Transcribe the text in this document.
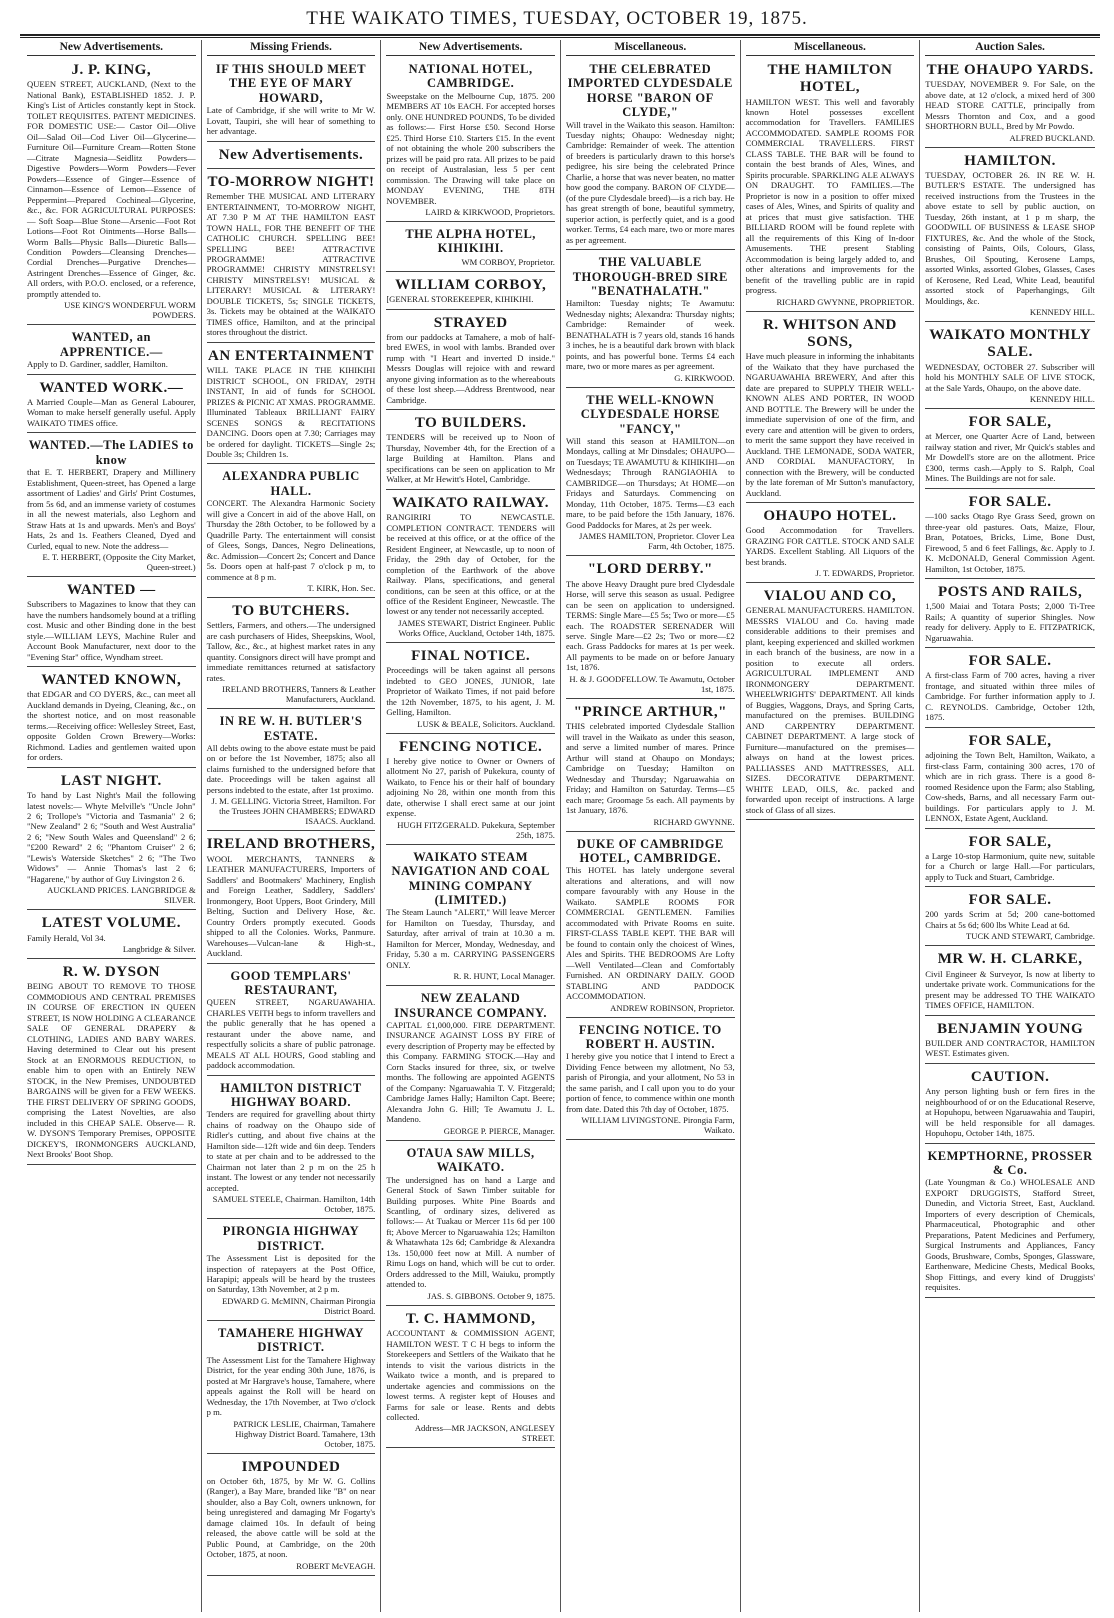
THE WAIKATO TIMES, TUESDAY, OCTOBER 19, 1875.
New Advertisements.
J. P. KING,

QUEEN STREET, AUCKLAND, (Next to the National Bank), ESTABLISHED 1852. J. P. King's List of Articles constantly kept in Stock. TOILET REQUISITES. PATENT MEDICINES. FOR DOMESTIC USE:— Castor Oil—Olive Oil—Salad Oil—Cod Liver Oil—Glycerine—Furniture Oil—Furniture Cream—Rotten Stone—Citrate Magnesia—Seidlitz Powders—Digestive Powders—Worm Powders—Fever Powders—Essence of Ginger—Essence of Cinnamon—Essence of Lemon—Essence of Peppermint—Prepared Cochineal—Glycerine, &c., &c. FOR AGRICULTURAL PURPOSES:— Soft Soap—Blue Stone—Arsenic—Foot Rot Lotions—Foot Rot Ointments—Horse Balls—Worm Balls—Physic Balls—Diuretic Balls—Condition Powders—Cleansing Drenches—Cordial Drenches—Purgative Drenches—Astringent Drenches—Essence of Ginger, &c. All orders, with P.O.O. enclosed, or a reference, promptly attended to.

USE KING'S WONDERFUL WORM POWDERS.
WANTED, an APPRENTICE.—

Apply to D. Gardiner, saddler, Hamilton.

WANTED WORK.—

A Married Couple—Man as General Labourer, Woman to make herself generally useful. Apply WAIKATO TIMES office.

WANTED.—The LADIES to know

that E. T. HERBERT, Drapery and Millinery Establishment, Queen-street, has Opened a large assortment of Ladies' and Girls' Print Costumes, from 5s 6d, and an immense variety of costumes in all the newest materials, also Leghorn and Straw Hats at 1s and upwards. Men's and Boys' Hats, 2s and 1s. Feathers Cleaned, Dyed and Curled, equal to new. Note the address—

E. T. HERBERT, (Opposite the City Market, Queen-street.)
WANTED —

Subscribers to Magazines to know that they can have the numbers handsomely bound at a trifling cost. Music and other Binding done in the best style.—WILLIAM LEYS, Machine Ruler and Account Book Manufacturer, next door to the "Evening Star" office, Wyndham street.

WANTED KNOWN,

that EDGAR and CO DYERS, &c., can meet all Auckland demands in Dyeing, Cleaning, &c., on the shortest notice, and on most reasonable terms.—Receiving office: Wellesley Street, East, opposite Golden Crown Brewery—Works: Richmond. Ladies and gentlemen waited upon for orders.

LAST NIGHT.

To hand by Last Night's Mail the following latest novels:— Whyte Melville's "Uncle John" 2 6; Trollope's "Victoria and Tasmania" 2 6; "New Zealand" 2 6; "South and West Australia" 2 6; "New South Wales and Queensland" 2 6; "£200 Reward" 2 6; "Phantom Cruiser" 2 6; "Lewis's Waterside Sketches" 2 6; "The Two Widows" — Annie Thomas's last 2 6; "Hagarene," by author of Guy Livingston 2 6.

AUCKLAND PRICES. LANGBRIDGE & SILVER.
LATEST VOLUME.

Family Herald, Vol 34.

Langbridge & Silver.
R. W. DYSON

BEING ABOUT TO REMOVE TO THOSE COMMODIOUS AND CENTRAL PREMISES IN COURSE OF ERECTION IN QUEEN STREET, IS NOW HOLDING A CLEARANCE SALE OF GENERAL DRAPERY & CLOTHING, LADIES AND BABY WARES. Having determined to Clear out his present Stock at an ENORMOUS REDUCTION, to enable him to open with an Entirely NEW STOCK, in the New Premises, UNDOUBTED BARGAINS will be given for a FEW WEEKS. THE FIRST DELIVERY OF SPRING GOODS, comprising the Latest Novelties, are also included in this CHEAP SALE. Observe— R. W. DYSON'S Temporary Premises, OPPOSITE DICKEY'S, IRONMONGERS AUCKLAND, Next Brooks' Boot Shop.

Missing Friends.
IF THIS SHOULD MEET THE EYE OF MARY HOWARD,

Late of Cambridge, if she will write to Mr W. Lovatt, Taupiri, she will hear of something to her advantage.

New Advertisements.
TO-MORROW NIGHT!

Remember THE MUSICAL AND LITERARY ENTERTAINMENT, TO-MORROW NIGHT, AT 7.30 P M AT THE HAMILTON EAST TOWN HALL, FOR THE BENEFIT OF THE CATHOLIC CHURCH. SPELLING BEE! SPELLING BEE! ATTRACTIVE PROGRAMME! ATTRACTIVE PROGRAMME! CHRISTY MINSTRELSY! CHRISTY MINSTRELSY! MUSICAL & LITERARY! MUSICAL & LITERARY! DOUBLE TICKETS, 5s; SINGLE TICKETS, 3s. Tickets may be obtained at the WAIKATO TIMES office, Hamilton, and at the principal stores throughout the district.

AN ENTERTAINMENT

WILL TAKE PLACE IN THE KIHIKIHI DISTRICT SCHOOL, ON FRIDAY, 29TH INSTANT, In aid of funds for SCHOOL PRIZES & PICNIC AT XMAS. PROGRAMME. Illuminated Tableaux BRILLIANT FAIRY SCENES SONGS & RECITATIONS DANCING. Doors open at 7.30; Carriages may be ordered for daylight. TICKETS—Single 2s; Double 3s; Children 1s.

ALEXANDRA PUBLIC HALL.

CONCERT. The Alexandra Harmonic Society will give a Concert in aid of the above Hall, on Thursday the 28th October, to be followed by a Quadrille Party. The entertainment will consist of Glees, Songs, Dances, Negro Delineations, &c. Admission—Concert 2s; Concert and Dance 5s. Doors open at half-past 7 o'clock p m, to commence at 8 p m.

T. KIRK, Hon. Sec.
TO BUTCHERS.

Settlers, Farmers, and others.—The undersigned are cash purchasers of Hides, Sheepskins, Wool, Tallow, &c., &c., at highest market rates in any quantity. Consignors direct will have prompt and immediate remittances returned at satisfactory rates.

IRELAND BROTHERS, Tanners & Leather Manufacturers, Auckland.
IN RE W. H. BUTLER'S ESTATE.

All debts owing to the above estate must be paid on or before the 1st November, 1875; also all claims furnished to the undersigned before that date. Proceedings will be taken against all persons indebted to the estate, after 1st proximo.

J. M. GELLING. Victoria Street, Hamilton. For the Trustees JOHN CHAMBERS; EDWARD ISAACS. Auckland.
IRELAND BROTHERS,

WOOL MERCHANTS, TANNERS & LEATHER MANUFACTURERS, Importers of Saddlers' and Bootmakers' Machinery, English and Foreign Leather, Saddlery, Saddlers' Ironmongery, Boot Uppers, Boot Grindery, Mill Belting, Suction and Delivery Hose, &c. Country Orders promptly executed. Goods shipped to all the Colonies. Works, Panmure. Warehouses—Vulcan-lane & High-st., Auckland.

GOOD TEMPLARS' RESTAURANT,

QUEEN STREET, NGARUAWAHIA. CHARLES VEITH begs to inform travellers and the public generally that he has opened a restaurant under the above name, and respectfully solicits a share of public patronage. MEALS AT ALL HOURS, Good stabling and paddock accommodation.

HAMILTON DISTRICT HIGHWAY BOARD.

Tenders are required for gravelling about thirty chains of roadway on the Ohaupo side of Ridler's cutting, and about five chains at the Hamilton side—12ft wide and 6in deep. Tenders to state at per chain and to be addressed to the Chairman not later than 2 p m on the 25 h instant. The lowest or any tender not necessarily accepted.

SAMUEL STEELE, Chairman. Hamilton, 14th October, 1875.
PIRONGIA HIGHWAY DISTRICT.

The Assessment List is deposited for the inspection of ratepayers at the Post Office, Harapipi; appeals will be heard by the trustees on Saturday, 13th November, at 2 p m.

EDWARD G. McMINN, Chairman Pirongia District Board.
TAMAHERE HIGHWAY DISTRICT.

The Assessment List for the Tamahere Highway District, for the year ending 30th June, 1876, is posted at Mr Hargrave's house, Tamahere, where appeals against the Roll will be heard on Wednesday, the 17th November, at Two o'clock p m.

PATRICK LESLIE, Chairman, Tamahere Highway District Board. Tamahere, 13th October, 1875.
IMPOUNDED

on October 6th, 1875, by Mr W. G. Collins (Ranger), a Bay Mare, branded like "B" on near shoulder, also a Bay Colt, owners unknown, for being unregistered and damaging Mr Fogarty's damage claimed 10s. In default of being released, the above cattle will be sold at the Public Pound, at Cambridge, on the 20th October, 1875, at noon.

ROBERT McVEAGH.
New Advertisements.
NATIONAL HOTEL, CAMBRIDGE.

Sweepstake on the Melbourne Cup, 1875. 200 MEMBERS AT 10s EACH. For accepted horses only. ONE HUNDRED POUNDS, To be divided as follows:— First Horse £50. Second Horse £25. Third Horse £10. Starters £15. In the event of not obtaining the whole 200 subscribers the prizes will be paid pro rata. All prizes to be paid on receipt of Australasian, less 5 per cent commission. The Drawing will take place on MONDAY EVENING, THE 8TH NOVEMBER.

LAIRD & KIRKWOOD, Proprietors.
THE ALPHA HOTEL, KIHIKIHI.
WM CORBOY, Proprietor.
WILLIAM CORBOY,

[GENERAL STOREKEEPER, KIHIKIHI.

STRAYED

from our paddocks at Tamahere, a mob of half-bred EWES, in wool with lambs. Branded over rump with "I Heart and inverted D inside." Messrs Douglas will rejoice with and reward anyone giving information as to the whereabouts of these lost sheep.—Address Brentwood, near Cambridge.

TO BUILDERS.

TENDERS will be received up to Noon of Thursday, November 4th, for the Erection of a large Building at Hamilton. Plans and specifications can be seen on application to Mr Walker, at Mr Hewitt's Hotel, Cambridge.

WAIKATO RAILWAY.

RANGIRIRI TO NEWCASTLE. COMPLETION CONTRACT. TENDERS will be received at this office, or at the office of the Resident Engineer, at Newcastle, up to noon of Friday, the 29th day of October, for the completion of the Earthwork of the above Railway. Plans, specifications, and general conditions, can be seen at this office, or at the office of the Resident Engineer, Newcastle. The lowest or any tender not necessarily accepted.

JAMES STEWART, District Engineer. Public Works Office, Auckland, October 14th, 1875.
FINAL NOTICE.

Proceedings will be taken against all persons indebted to GEO JONES, JUNIOR, late Proprietor of Waikato Times, if not paid before the 12th November, 1875, to his agent, J. M. Gelling, Hamilton.

LUSK & BEALE, Solicitors. Auckland.
FENCING NOTICE.

I hereby give notice to Owner or Owners of allotment No 27, parish of Pukekura, county of Waikato, to Fence his or their half of boundary adjoining No 28, within one month from this date, otherwise I shall erect same at our joint expense.

HUGH FITZGERALD. Pukekura, September 25th, 1875.
WAIKATO STEAM NAVIGATION AND COAL MINING COMPANY (LIMITED.)

The Steam Launch "ALERT," Will leave Mercer for Hamilton on Tuesday, Thursday, and Saturday, after arrival of train at 10.30 a m. Hamilton for Mercer, Monday, Wednesday, and Friday, 5.30 a m. CARRYING PASSENGERS ONLY.

R. R. HUNT, Local Manager.
NEW ZEALAND INSURANCE COMPANY.

CAPITAL £1,000,000. FIRE DEPARTMENT. INSURANCE AGAINST LOSS BY FIRE of every description of Property may be effected by this Company. FARMING STOCK.—Hay and Corn Stacks insured for three, six, or twelve months. The following are appointed AGENTS of the Company: Ngaruawahia T. V. Fitzgerald; Cambridge James Hally; Hamilton Capt. Beere; Alexandra John G. Hill; Te Awamutu J. L. Mandeno.

GEORGE P. PIERCE, Manager.
OTAUA SAW MILLS, WAIKATO.

The undersigned has on hand a Large and General Stock of Sawn Timber suitable for Building purposes. White Pine Boards and Scantling, of ordinary sizes, delivered as follows:— At Tuakau or Mercer 11s 6d per 100 ft; Above Mercer to Ngaruawahia 12s; Hamilton & Whatawhata 12s 6d; Cambridge & Alexandra 13s. 150,000 feet now at Mill. A number of Rimu Logs on hand, which will be cut to order. Orders addressed to the Mill, Waiuku, promptly attended to.

JAS. S. GIBBONS. October 9, 1875.
T. C. HAMMOND,

ACCOUNTANT & COMMISSION AGENT, HAMILTON WEST. T C H begs to inform the Storekeepers and Settlers of the Waikato that he intends to visit the various districts in the Waikato twice a month, and is prepared to undertake agencies and commissions on the lowest terms. A register kept of Houses and Farms for sale or lease. Rents and debts collected.

Address—MR JACKSON, ANGLESEY STREET.
Miscellaneous.
THE CELEBRATED IMPORTED CLYDESDALE HORSE "BARON OF CLYDE,"

Will travel in the Waikato this season. Hamilton: Tuesday nights; Ohaupo: Wednesday night; Cambridge: Remainder of week. The attention of breeders is particularly drawn to this horse's pedigree, his sire being the celebrated Prince Charlie, a horse that was never beaten, no matter how good the company. BARON OF CLYDE—(of the pure Clydesdale breed)—is a rich bay. He has great strength of bone, beautiful symmetry, superior action, is perfectly quiet, and is a good worker. Terms, £4 each mare, two or more mares as per agreement.

THE VALUABLE THOROUGH-BRED SIRE "BENATHALATH."

Hamilton: Tuesday nights; Te Awamutu: Wednesday nights; Alexandra: Thursday nights; Cambridge: Remainder of week. BENATHALATH is 7 years old, stands 16 hands 3 inches, he is a beautiful dark brown with black points, and has powerful bone. Terms £4 each mare, two or more mares as per agreement.

G. KIRKWOOD.
THE WELL-KNOWN CLYDESDALE HORSE "FANCY,"

Will stand this season at HAMILTON—on Mondays, calling at Mr Dinsdales; OHAUPO—on Tuesdays; TE AWAMUTU & KIHIKIHI—on Wednesdays; Through RANGIAOHIA to CAMBRIDGE—on Thursdays; At HOME—on Fridays and Saturdays. Commencing on Monday, 11th October, 1875. Terms—£3 each mare, to be paid before the 15th January, 1876. Good Paddocks for Mares, at 2s per week.

JAMES HAMILTON, Proprietor. Clover Lea Farm, 4th October, 1875.
"LORD DERBY."

The above Heavy Draught pure bred Clydesdale Horse, will serve this season as usual. Pedigree can be seen on application to undersigned. TERMS: Single Mare—£5 5s; Two or more—£5 each. The ROADSTER SERENADER Will serve. Single Mare—£2 2s; Two or more—£2 each. Grass Paddocks for mares at 1s per week. All payments to be made on or before January 1st, 1876.

H. & J. GOODFELLOW. Te Awamutu, October 1st, 1875.
"PRINCE ARTHUR,"

THIS celebrated imported Clydesdale Stallion will travel in the Waikato as under this season, and serve a limited number of mares. Prince Arthur will stand at Ohaupo on Mondays; Cambridge on Tuesday; Hamilton on Wednesday and Thursday; Ngaruawahia on Friday; and Hamilton on Saturday. Terms—£5 each mare; Groomage 5s each. All payments by 1st January, 1876.

RICHARD GWYNNE.
DUKE OF CAMBRIDGE HOTEL, CAMBRIDGE.

This HOTEL has lately undergone several alterations and alterations, and will now compare favourably with any House in the Waikato. SAMPLE ROOMS FOR COMMERCIAL GENTLEMEN. Families accommodated with Private Rooms en suite. FIRST-CLASS TABLE KEPT. THE BAR will be found to contain only the choicest of Wines, Ales and Spirits. THE BEDROOMS Are Lofty—Well Ventilated—Clean and Comfortably Furnished. AN ORDINARY DAILY. GOOD STABLING AND PADDOCK ACCOMMODATION.

ANDREW ROBINSON, Proprietor.
FENCING NOTICE. TO ROBERT H. AUSTIN.

I hereby give you notice that I intend to Erect a Dividing Fence between my allotment, No 53, parish of Pirongia, and your allotment, No 53 in the same parish, and I call upon you to do your portion of fence, to commence within one month from date. Dated this 7th day of October, 1875.

WILLIAM LIVINGSTONE. Pirongia Farm, Waikato.
Miscellaneous.
THE HAMILTON HOTEL,

HAMILTON WEST. This well and favorably known Hotel possesses excellent accommodation for Travellers. FAMILIES ACCOMMODATED. SAMPLE ROOMS FOR COMMERCIAL TRAVELLERS. FIRST CLASS TABLE. THE BAR will be found to contain the best brands of Ales, Wines, and Spirits procurable. SPARKLING ALE ALWAYS ON DRAUGHT. TO FAMILIES.—The Proprietor is now in a position to offer mixed cases of Ales, Wines, and Spirits of quality and at prices that must give satisfaction. THE BILLIARD ROOM will be found replete with all the requirements of this King of In-door Amusements. THE present Stabling Accommodation is being largely added to, and other alterations and improvements for the benefit of the travelling public are in rapid progress.

RICHARD GWYNNE, PROPRIETOR.
R. WHITSON AND SONS,

Have much pleasure in informing the inhabitants of the Waikato that they have purchased the NGARUAWAHIA BREWERY, And after this date are prepared to SUPPLY THEIR WELL-KNOWN ALES AND PORTER, IN WOOD AND BOTTLE. The Brewery will be under the immediate supervision of one of the firm, and every care and attention will be given to orders, to merit the same support they have received in Auckland. THE LEMONADE, SODA WATER, AND CORDIAL MANUFACTORY, In connection with the Brewery, will be conducted by the late foreman of Mr Sutton's manufactory, Auckland.

OHAUPO HOTEL.

Good Accommodation for Travellers. GRAZING FOR CATTLE. STOCK AND SALE YARDS. Excellent Stabling. All Liquors of the best brands.

J. T. EDWARDS, Proprietor.
VIALOU AND CO,

GENERAL MANUFACTURERS. HAMILTON. MESSRS VIALOU and Co. having made considerable additions to their premises and plant, keeping experienced and skilled workmen in each branch of the business, are now in a position to execute all orders. AGRICULTURAL IMPLEMENT AND IRONMONGERY DEPARTMENT. WHEELWRIGHTS' DEPARTMENT. All kinds of Buggies, Waggons, Drays, and Spring Carts, manufactured on the premises. BUILDING AND CARPENTRY DEPARTMENT. CABINET DEPARTMENT. A large stock of Furniture—manufactured on the premises—always on hand at the lowest prices. PALLIASSES AND MATTRESSES, ALL SIZES. DECORATIVE DEPARTMENT. WHITE LEAD, OILS, &c. packed and forwarded upon receipt of instructions. A large stock of Glass of all sizes.

Auction Sales.
THE OHAUPO YARDS.

TUESDAY, NOVEMBER 9. For Sale, on the above date, at 12 o'clock, a mixed herd of 300 HEAD STORE CATTLE, principally from Messrs Thornton and Cox, and a good SHORTHORN BULL, Bred by Mr Powdo.

ALFRED BUCKLAND.
HAMILTON.

TUESDAY, OCTOBER 26. IN RE W. H. BUTLER'S ESTATE. The undersigned has received instructions from the Trustees in the above estate to sell by public auction, on Tuesday, 26th instant, at 1 p m sharp, the GOODWILL OF BUSINESS & LEASE SHOP FIXTURES, &c. And the whole of the Stock, consisting of Paints, Oils, Colours, Glass, Brushes, Oil Spouting, Kerosene Lamps, assorted Winks, assorted Globes, Glasses, Cases of Kerosene, Red Lead, White Lead, beautiful assorted stock of Paperhangings, Gilt Mouldings, &c.

KENNEDY HILL.
WAIKATO MONTHLY SALE.

WEDNESDAY, OCTOBER 27. Subscriber will hold his MONTHLY SALE OF LIVE STOCK, at the Sale Yards, Ohaupo, on the above date.

KENNEDY HILL.
FOR SALE,

at Mercer, one Quarter Acre of Land, between railway station and river, Mr Quick's stables and Mr Dowdell's store are on the allotment. Price £300, terms cash.—Apply to S. Ralph, Coal Mines. The Buildings are not for sale.

FOR SALE.

—100 sacks Otago Rye Grass Seed, grown on three-year old pastures. Oats, Maize, Flour, Bran, Potatoes, Bricks, Lime, Bone Dust, Firewood, 5 and 6 feet Fallings, &c. Apply to J. K. McDONALD, General Commission Agent. Hamilton, 1st October, 1875.

POSTS AND RAILS,

1,500 Maiai and Totara Posts; 2,000 Ti-Tree Rails; A quantity of superior Shingles. Now ready for delivery. Apply to E. FITZPATRICK, Ngaruawahia.

FOR SALE.

A first-class Farm of 700 acres, having a river frontage, and situated within three miles of Cambridge. For further information apply to J. C. REYNOLDS. Cambridge, October 12th, 1875.

FOR SALE,

adjoining the Town Belt, Hamilton, Waikato, a first-class Farm, containing 300 acres, 170 of which are in rich grass. There is a good 8-roomed Residence upon the Farm; also Stabling, Cow-sheds, Barns, and all necessary Farm out-buildings. For particulars apply to J. M. LENNOX, Estate Agent, Auckland.

FOR SALE,

a Large 10-stop Harmonium, quite new, suitable for a Church or large Hall.—For particulars, apply to Tuck and Stuart, Cambridge.

FOR SALE.

200 yards Scrim at 5d; 200 cane-bottomed Chairs at 5s 6d; 600 lbs White Lead at 6d.

TUCK AND STEWART, Cambridge.
MR W. H. CLARKE,

Civil Engineer & Surveyor, Is now at liberty to undertake private work. Communications for the present may be addressed TO THE WAIKATO TIMES OFFICE, HAMILTON.

BENJAMIN YOUNG

BUILDER AND CONTRACTOR, HAMILTON WEST. Estimates given.

CAUTION.

Any person lighting bush or fern fires in the neighbourhood of or on the Educational Reserve, at Hopuhopu, between Ngaruawahia and Taupiri, will be held responsible for all damages. Hopuhopu, October 14th, 1875.

KEMPTHORNE, PROSSER & Co.

(Late Youngman & Co.) WHOLESALE AND EXPORT DRUGGISTS, Stafford Street, Dunedin, and Victoria Street, East, Auckland. Importers of every description of Chemicals, Pharmaceutical, Photographic and other Preparations, Patent Medicines and Perfumery, Surgical Instruments and Appliances, Fancy Goods, Brushware, Combs, Sponges, Glassware, Earthenware, Medicine Chests, Medical Books, Shop Fittings, and every kind of Druggists' requisites.
